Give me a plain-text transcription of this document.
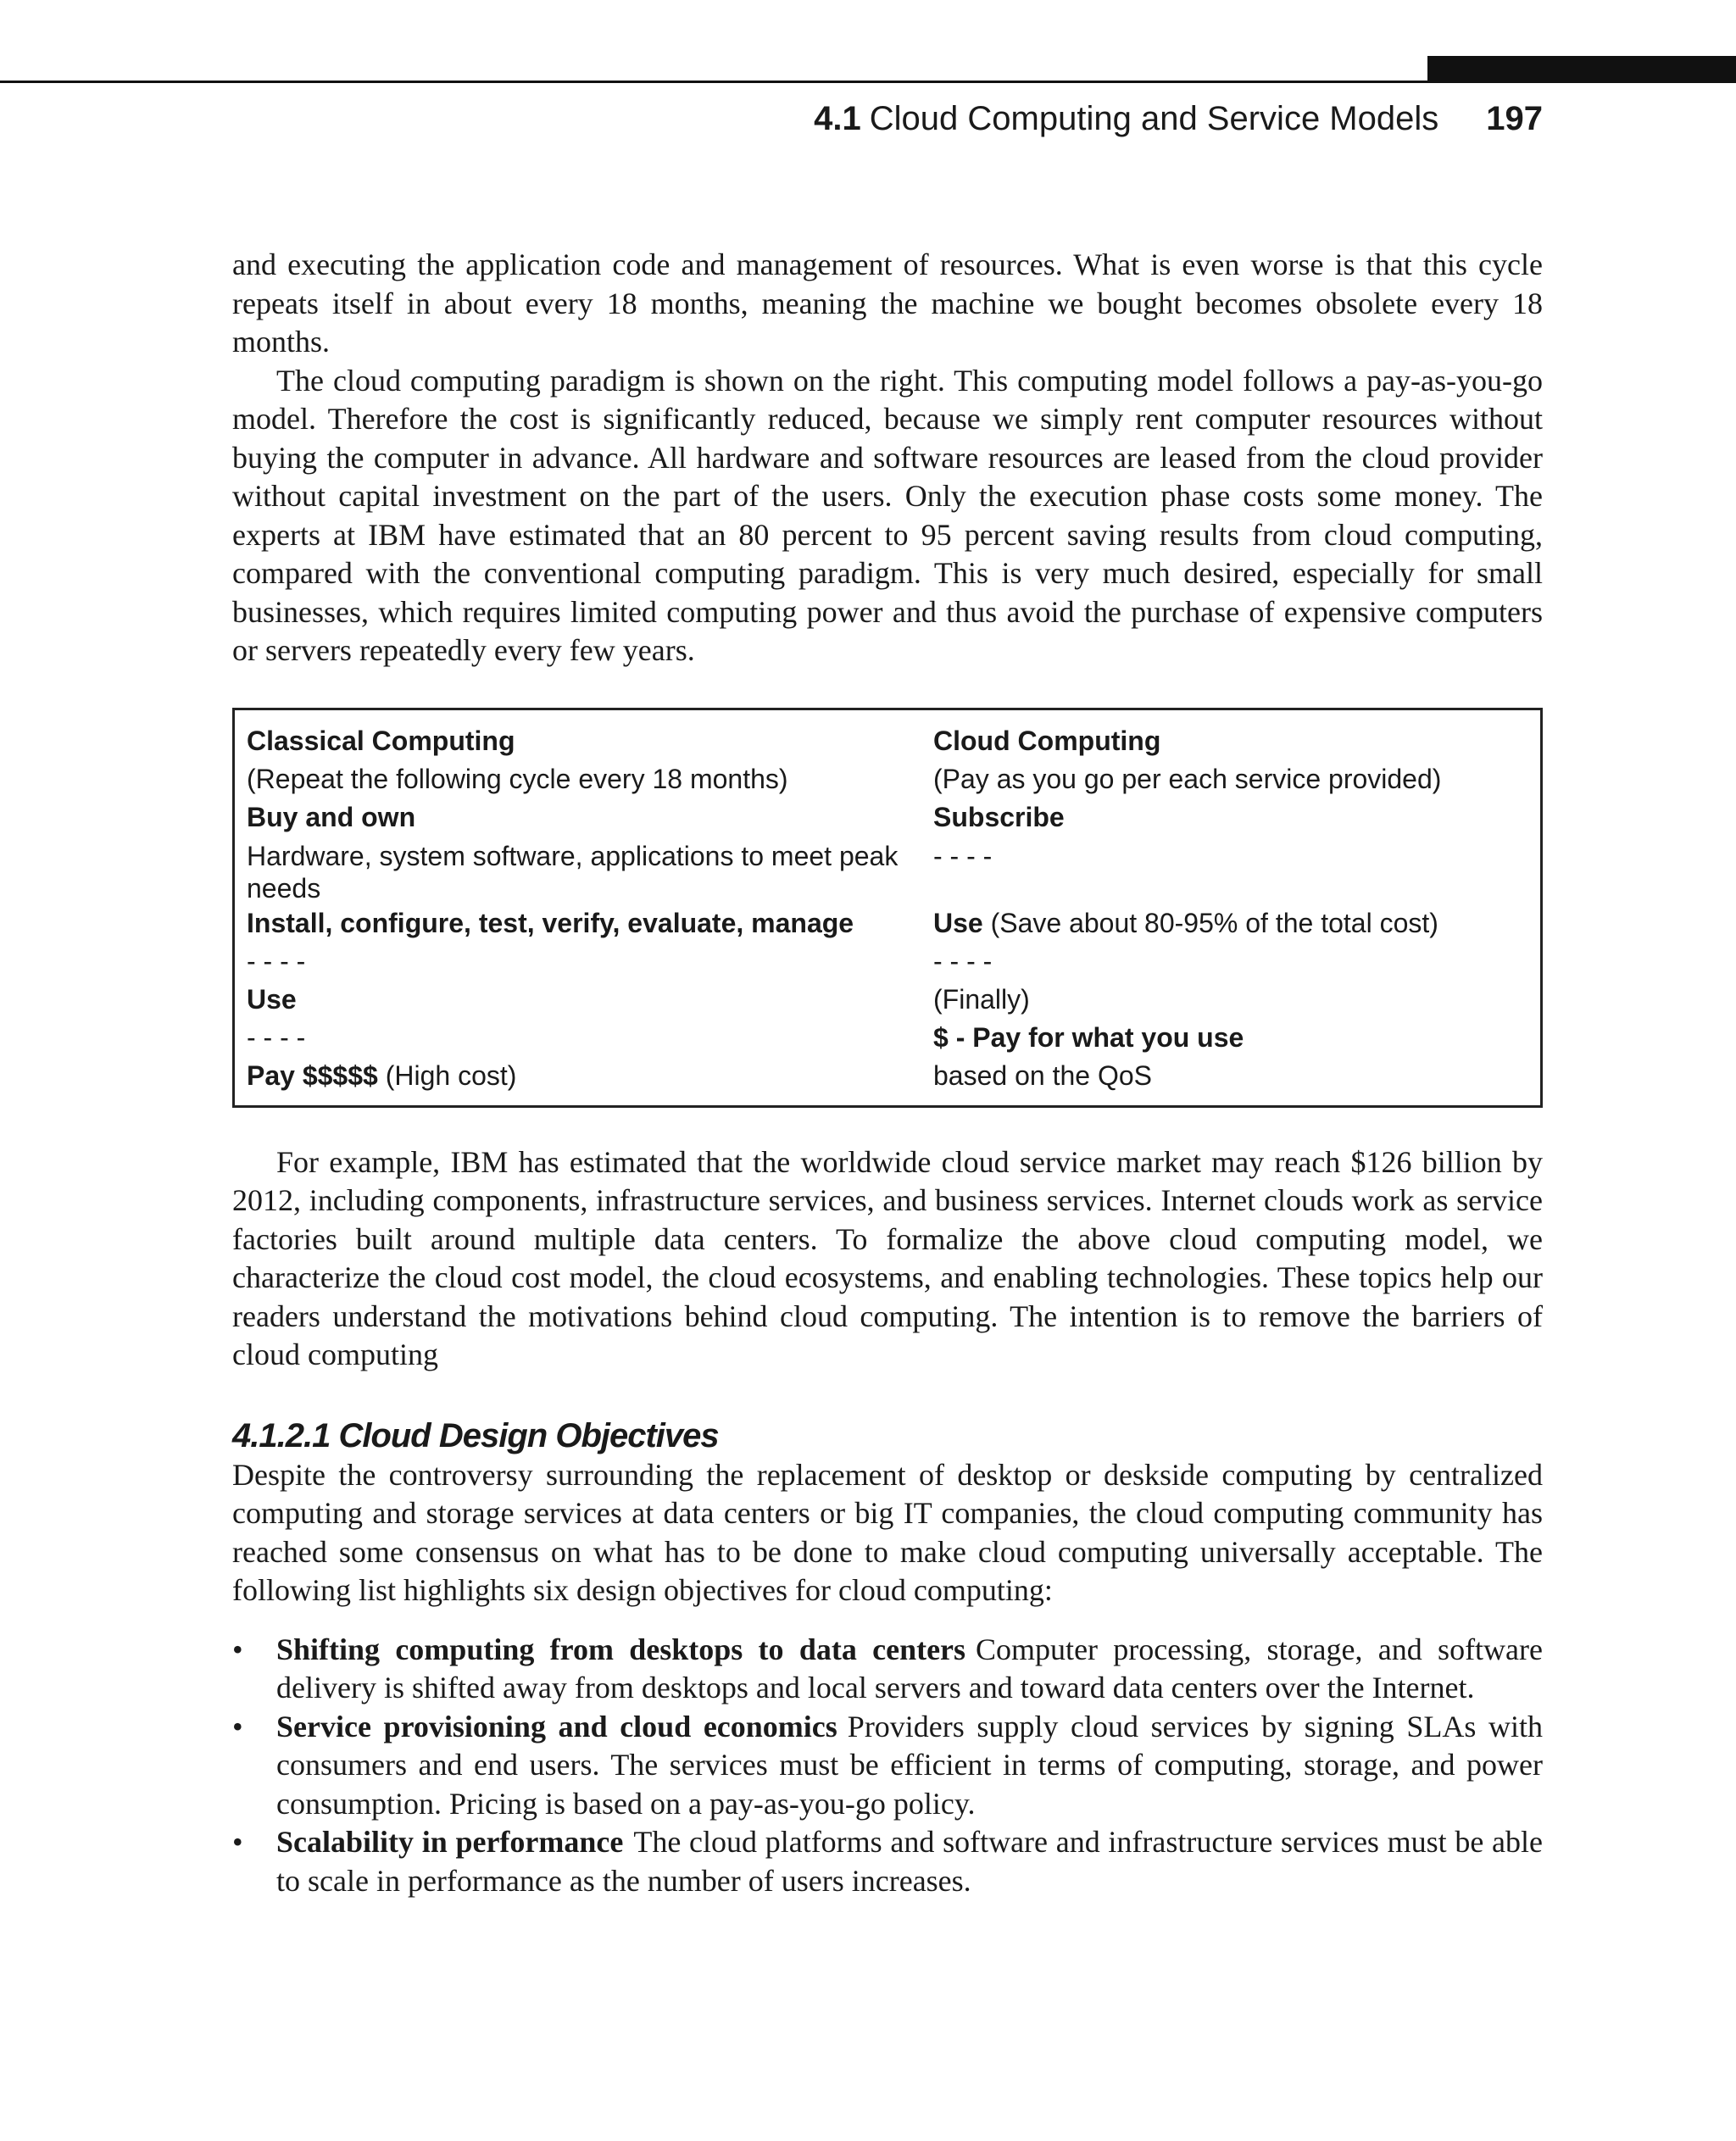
4.1 Cloud Computing and Service Models 197

and executing the application code and management of resources. What is even worse is that this cycle repeats itself in about every 18 months, meaning the machine we bought becomes obsolete every 18 months.

The cloud computing paradigm is shown on the right. This computing model follows a pay-as-you-go model. Therefore the cost is significantly reduced, because we simply rent computer resources without buying the computer in advance. All hardware and software resources are leased from the cloud provider without capital investment on the part of the users. Only the execution phase costs some money. The experts at IBM have estimated that an 80 percent to 95 percent saving results from cloud computing, compared with the conventional computing paradigm. This is very much desired, especially for small businesses, which requires limited computing power and thus avoid the purchase of expensive computers or servers repeatedly every few years.

Classical Computing	Cloud Computing
(Repeat the following cycle every 18 months)	(Pay as you go per each service provided)
Buy and own	Subscribe
Hardware, system software, applications to meet peak needs	- - - -
Install, configure, test, verify, evaluate, manage	Use (Save about 80-95% of the total cost)
- - - -	- - - -
Use	(Finally)
- - - -	$ - Pay for what you use
Pay $$$$$ (High cost)	based on the QoS

For example, IBM has estimated that the worldwide cloud service market may reach $126 billion by 2012, including components, infrastructure services, and business services. Internet clouds work as service factories built around multiple data centers. To formalize the above cloud computing model, we characterize the cloud cost model, the cloud ecosystems, and enabling technologies. These topics help our readers understand the motivations behind cloud computing. The intention is to remove the barriers of cloud computing

4.1.2.1 Cloud Design Objectives

Despite the controversy surrounding the replacement of desktop or deskside computing by centralized computing and storage services at data centers or big IT companies, the cloud computing community has reached some consensus on what has to be done to make cloud computing universally acceptable. The following list highlights six design objectives for cloud computing:

• Shifting computing from desktops to data centers Computer processing, storage, and software delivery is shifted away from desktops and local servers and toward data centers over the Internet.
• Service provisioning and cloud economics Providers supply cloud services by signing SLAs with consumers and end users. The services must be efficient in terms of computing, storage, and power consumption. Pricing is based on a pay-as-you-go policy.
• Scalability in performance The cloud platforms and software and infrastructure services must be able to scale in performance as the number of users increases.
